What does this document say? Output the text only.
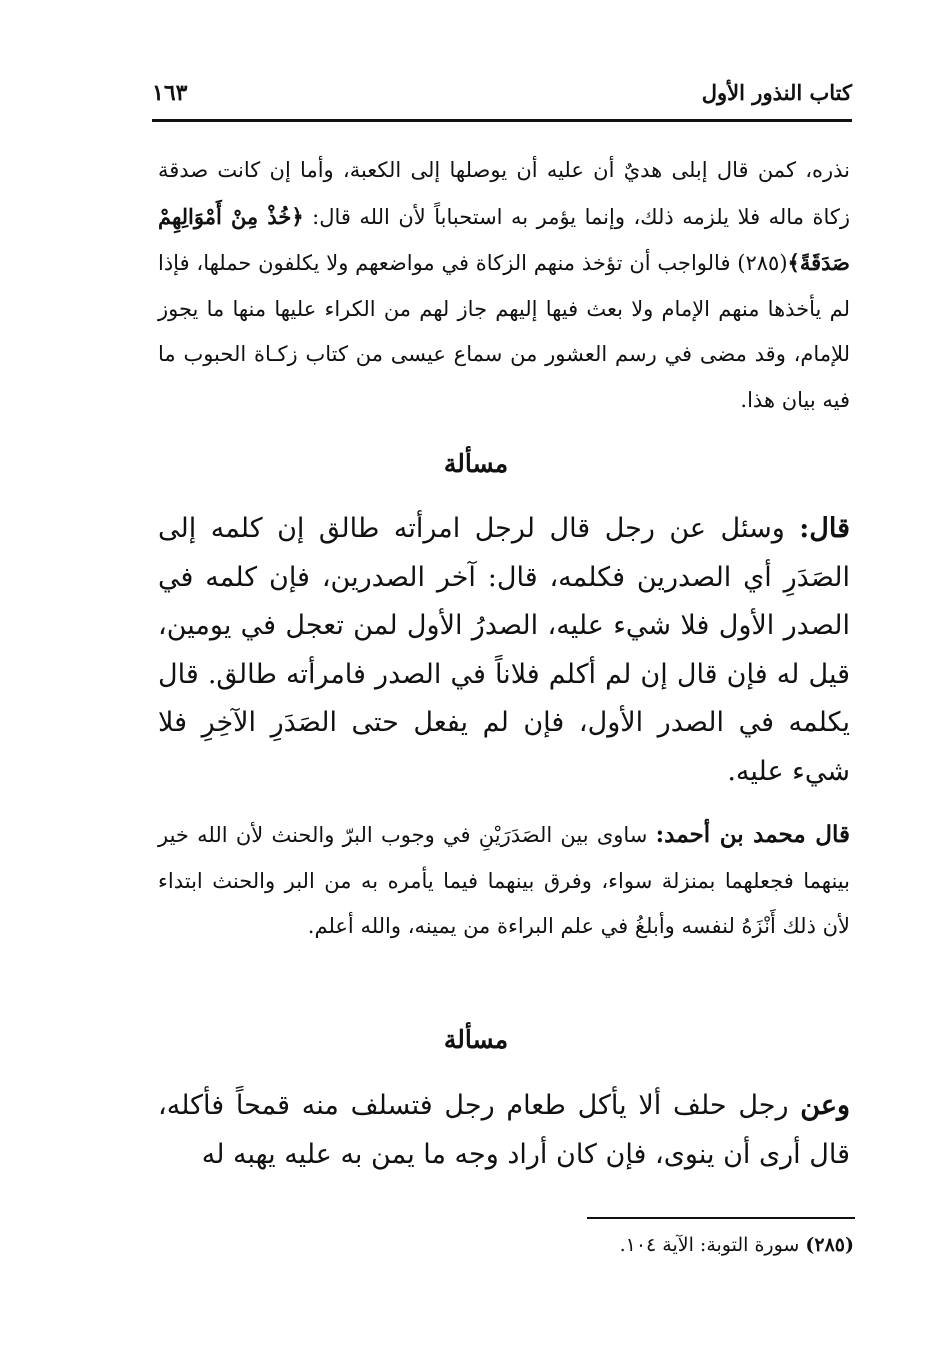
كتاب النذور الأول
١٦٣

نذره، كمن قال إبلى هديٌ أن عليه أن يوصلها إلى الكعبة، وأما إن كانت صدقة زكاة ماله فلا يلزمه ذلك، وإنما يؤمر به استحباباً لأن الله قال: ﴿خُذْ مِنْ أَمْوَالِهِمْ صَدَقَةً﴾(٢٨٥) فالواجب أن تؤخذ منهم الزكاة في مواضعهم ولا يكلفون حملها، فإذا لم يأخذها منهم الإمام ولا بعث فيها إليهم جاز لهم من الكراء عليها منها ما يجوز للإمام، وقد مضى في رسم العشور من سماع عيسى من كتاب زكـاة الحبوب ما فيه بيان هذا.

مسألة

قال: وسئل عن رجل قال لرجل امرأته طالق إن كلمه إلى الصَدَرِ أي الصدرين فكلمه، قال: آخر الصدرين، فإن كلمه في الصدر الأول فلا شيء عليه، الصدرُ الأول لمن تعجل في يومين، قيل له فإن قال إن لم أكلم فلاناً في الصدر فامرأته طالق. قال يكلمه في الصدر الأول، فإن لم يفعل حتى الصَدَرِ الآخِرِ فلا شيء عليه.

قال محمد بن أحمد: ساوى بين الصَدَرَيْنِ في وجوب البرّ والحنث لأن الله خير بينهما فجعلهما بمنزلة سواء، وفرق بينهما فيما يأمره به من البر والحنث ابتداء لأن ذلك أَنْزَهُ لنفسه وأبلغُ في علم البراءة من يمينه، والله أعلم.

مسألة

وعن رجل حلف ألا يأكل طعام رجل فتسلف منه قمحاً فأكله، قال أرى أن ينوى، فإن كان أراد وجه ما يمن به عليه يهبه له

(٢٨٥) سورة التوبة: الآية ١٠٤.
